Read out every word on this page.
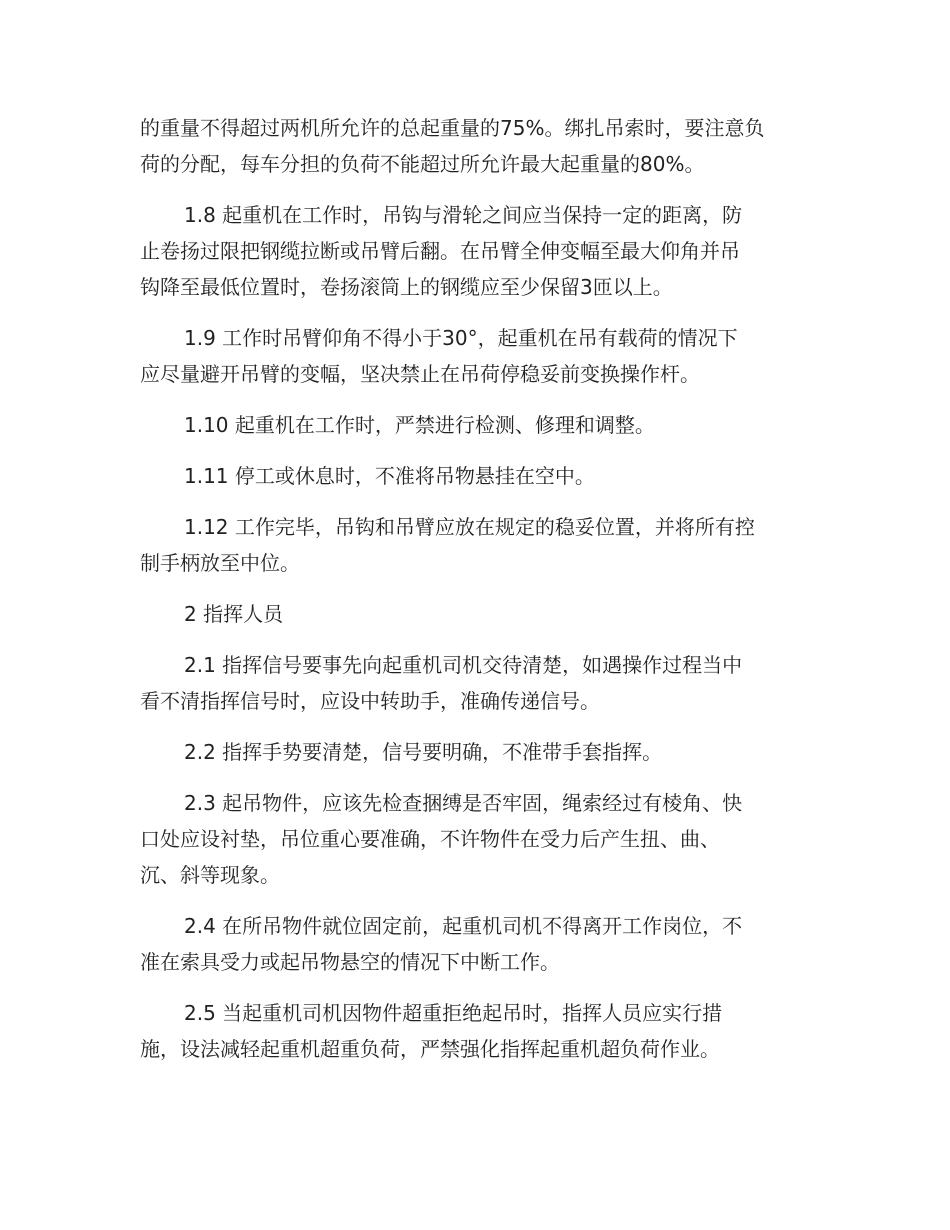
的重量不得超过两机所允许的总起重量的75%。绑扎吊索时，要注意负
荷的分配，每车分担的负荷不能超过所允许最大起重量的80%。

1.8 起重机在工作时，吊钩与滑轮之间应当保持一定的距离，防
止卷扬过限把钢缆拉断或吊臂后翻。在吊臂全伸变幅至最大仰角并吊
钩降至最低位置时，卷扬滚筒上的钢缆应至少保留3匝以上。

1.9 工作时吊臂仰角不得小于30°，起重机在吊有载荷的情况下
应尽量避开吊臂的变幅，坚决禁止在吊荷停稳妥前变换操作杆。

1.10 起重机在工作时，严禁进行检测、修理和调整。

1.11 停工或休息时，不准将吊物悬挂在空中。

1.12 工作完毕，吊钩和吊臂应放在规定的稳妥位置，并将所有控
制手柄放至中位。

2 指挥人员

2.1 指挥信号要事先向起重机司机交待清楚，如遇操作过程当中
看不清指挥信号时，应设中转助手，准确传递信号。

2.2 指挥手势要清楚，信号要明确，不准带手套指挥。

2.3 起吊物件，应该先检查捆缚是否牢固，绳索经过有棱角、快
口处应设衬垫，吊位重心要准确，不许物件在受力后产生扭、曲、
沉、斜等现象。

2.4 在所吊物件就位固定前，起重机司机不得离开工作岗位，不
准在索具受力或起吊物悬空的情况下中断工作。

2.5 当起重机司机因物件超重拒绝起吊时，指挥人员应实行措
施，设法减轻起重机超重负荷，严禁强化指挥起重机超负荷作业。
